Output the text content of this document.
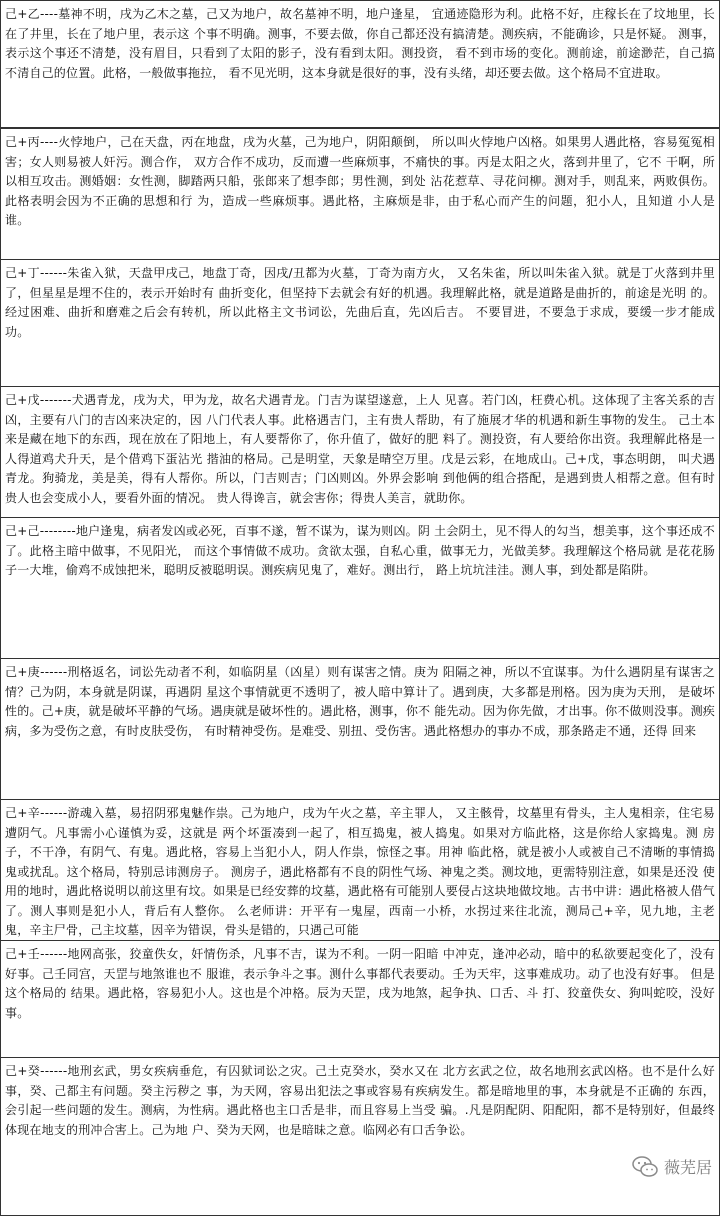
己+乙----墓神不明，戌为乙木之墓，己又为地户，故名墓神不明，地户逢星， 宜通迹隐形为利。此格不好，庄稼长在了坟地里，长在了井里，长在了地户里，表示这 个事不明确。测事，不要去做，你自己都还没有搞清楚。测疾病，不能确诊，只是怀疑。 测事，表示这个事还不清楚，没有眉目，只看到了太阳的影子，没有看到太阳。测投资， 看不到市场的变化。测前途，前途渺茫，自己搞不清自己的位置。此格，一般做事拖拉， 看不见光明，这本身就是很好的事，没有头绪，却还要去做。这个格局不宜进取。

己+丙----火悖地户，己在天盘，丙在地盘，戌为火墓，己为地户，阴阳颠倒， 所以叫火悖地户凶格。如果男人遇此格，容易冤冤相害；女人则易被人奸污。测合作， 双方合作不成功，反而遭一些麻烦事，不痛快的事。丙是太阳之火，落到井里了，它不 干啊，所以相互攻击。测婚姻：女性测，脚踏两只船，张郎来了想李郎；男性测，到处 沾花惹草、寻花问柳。测对手，则乱来，两败俱伤。此格表明会因为不正确的思想和行 为，造成一些麻烦事。遇此格，主麻烦是非，由于私心而产生的问题，犯小人，且知道 小人是谁。

己+丁------朱雀入狱，天盘甲戌己，地盘丁奇，因戌/丑都为火墓，丁奇为南方火， 又名朱雀，所以叫朱雀入狱。就是丁火落到井里了，但星星是埋不住的，表示开始时有 曲折变化，但坚持下去就会有好的机遇。我理解此格，就是道路是曲折的，前途是光明 的。经过困难、曲折和磨难之后会有转机，所以此格主文书词讼，先曲后直，先凶后吉。 不要冒进，不要急于求成，要缓一步才能成功。

己+戊-------犬遇青龙，戌为犬，甲为龙，故名犬遇青龙。门吉为谋望遂意，上人 见喜。若门凶，枉费心机。这体现了主客关系的吉凶，主要有八门的吉凶来决定的，因 八门代表人事。此格遇吉门，主有贵人帮助，有了施展才华的机遇和新生事物的发生。 己土本来是藏在地下的东西，现在放在了阳地上，有人要帮你了，你升值了，做好的肥 料了。测投资，有人要给你出资。我理解此格是一人得道鸡犬升天，是个借鸡下蛋沾光 揩油的格局。己是明堂，天象是晴空万里。戊是云彩，在地成山。己+戊，事态明朗， 叫犬遇青龙。狗骑龙，美是美，得有人帮你。所以，门吉则吉；门凶则凶。外界会影响 到他俩的组合搭配，是遇到贵人相帮之意。但有时贵人也会变成小人，要看外面的情况。 贵人得谗言，就会害你；得贵人美言，就助你。

己+己--------地户逢鬼，病者发凶或必死，百事不遂，暂不谋为，谋为则凶。阴 土会阴土，见不得人的勾当，想美事，这个事还成不了。此格主暗中做事，不见阳光， 而这个事情做不成功。贪欲太强，自私心重，做事无力，光做美梦。我理解这个格局就 是花花肠子一大堆，偷鸡不成蚀把米，聪明反被聪明误。测疾病见鬼了，难好。测出行， 路上坑坑洼洼。测人事，到处都是陷阱。

己+庚------刑格返名，词讼先动者不利，如临阴星（凶星）则有谋害之情。庚为 阳隔之神，所以不宜谋事。为什么遇阴星有谋害之情？己为阴，本身就是阴谋，再遇阴 星这个事情就更不透明了，被人暗中算计了。遇到庚，大多都是刑格。因为庚为天刑， 是破坏性的。己+庚，就是破坏平静的气场。遇庚就是破坏性的。遇此格，测事，你不 能先动。因为你先做，才出事。你不做则没事。测疾病，多为受伤之意，有时皮肤受伤， 有时精神受伤。是难受、别扭、受伤害。遇此格想办的事办不成，那条路走不通，还得 回来

己+辛------游魂入墓，易招阴邪鬼魅作祟。己为地户，戌为午火之墓，辛主罪人， 又主骸骨，坟墓里有骨头，主人鬼相亲，住宅易遭阴气。凡事需小心谨慎为妥，这就是 两个坏蛋凑到一起了，相互捣鬼，被人捣鬼。如果对方临此格，这是你给人家捣鬼。测 房子，不干净，有阴气、有鬼。遇此格，容易上当犯小人，阴人作祟，惊怪之事。用神 临此格，就是被小人或被自己不清晰的事情捣鬼或扰乱。这个格局，特别忌讳测房子。 测房子，遇此格都有不良的阴性气场、神鬼之类。测坟地，更需特别注意，如果是还没 使用的地时，遇此格说明以前这里有坟。如果是已经安葬的坟墓，遇此格有可能别人要侵占这块地做坟地。古书中讲：遇此格被人借气了。测人事则是犯小人，背后有人整你。 么老师讲：开平有一鬼屋，西南一小桥，水拐过来往北流，测局己+辛，见九地，主老 鬼，辛主尸骨，己主坟墓，因辛为错误，骨头是错的，只遇己可能

己+壬------地网高张，狡童佚女，奸情伤杀，凡事不吉，谋为不利。一阴一阳暗 中冲克，逢冲必动，暗中的私欲要起变化了，没有好事。己壬同宫，天罡与地煞谁也不 服谁，表示争斗之事。测什么事都代表要动。壬为天牢，这事难成功。动了也没有好事。 但是这个格局的 结果。遇此格，容易犯小人。这也是个冲格。辰为天罡，戌为地煞，起争执、口舌、斗 打、狡童佚女、狗叫蛇咬，没好事。

己+癸------地刑玄武，男女疾病垂危，有囚狱词讼之灾。己土克癸水，癸水又在 北方玄武之位，故名地刑玄武凶格。也不是什么好事，癸、己都主有问题。癸主污秽之 事，为天网，容易出犯法之事或容易有疾病发生。都是暗地里的事，本身就是不正确的 东西，会引起一些问题的发生。测病，为性病。遇此格也主口舌是非，而且容易上当受 骗。.凡是阴配阴、阳配阳，都不是特别好，但最终体现在地支的刑冲合害上。己为地 户、癸为天网，也是暗昧之意。临网必有口舌争讼。

薇芜居
